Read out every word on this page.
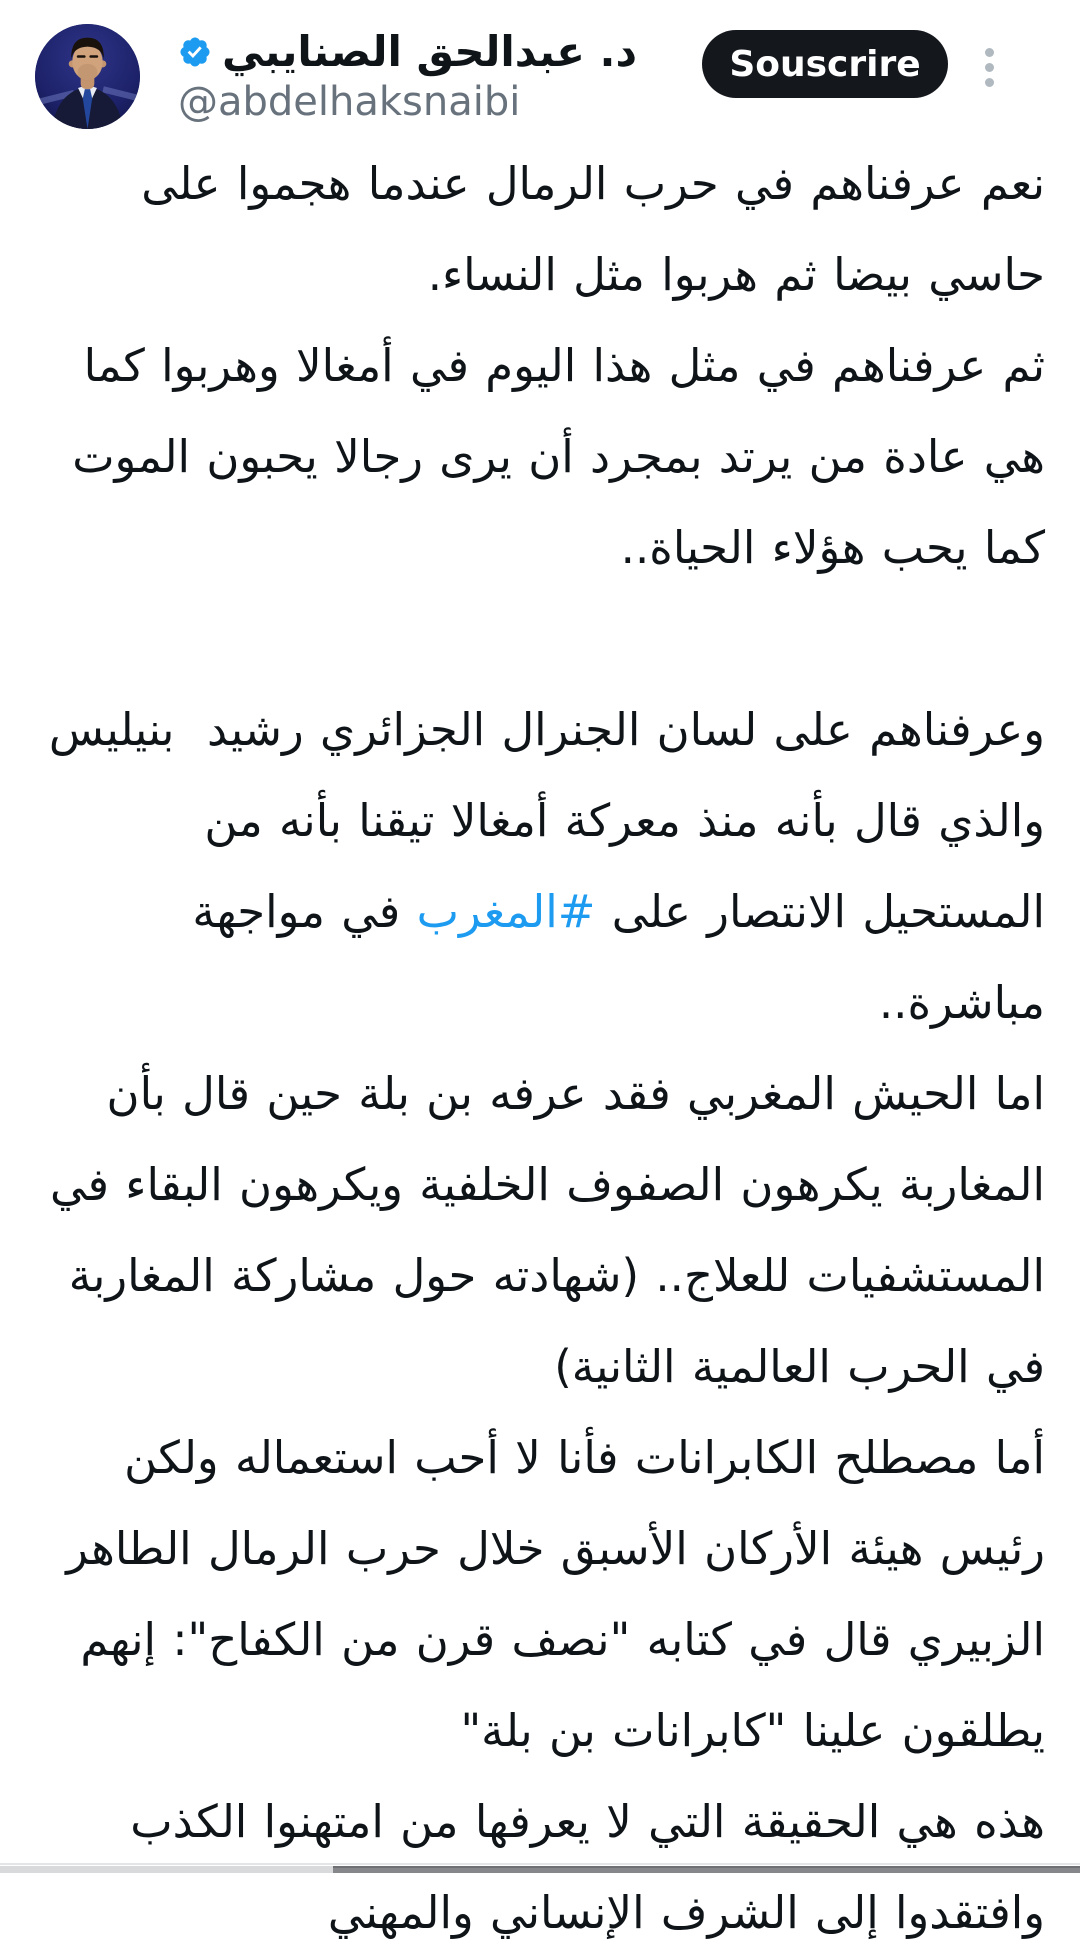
د. عبدالحق الصنايبي
@abdelhaksnaibi
Souscrire

نعم عرفناهم في حرب الرمال عندما هجموا على حاسي بيضا ثم هربوا مثل النساء.

ثم عرفناهم في مثل هذا اليوم في أمغالا وهربوا كما هي عادة من يرتد بمجرد أن يرى رجالا يحبون الموت كما يحب هؤلاء الحياة..

وعرفناهم على لسان الجنرال الجزائري رشيد  بنيليس والذي قال بأنه منذ معركة أمغالا تيقنا بأنه من المستحيل الانتصار على #المغرب في مواجهة مباشرة..

اما الحيش المغربي فقد عرفه بن بلة حين قال بأن المغاربة يكرهون الصفوف الخلفية ويكرهون البقاء في المستشفيات للعلاج.. (شهادته حول مشاركة المغاربة في الحرب العالمية الثانية)

أما مصطلح الكابرانات فأنا لا أحب استعماله ولكن رئيس هيئة الأركان الأسبق خلال حرب الرمال الطاهر الزبيري قال في كتابه "نصف قرن من الكفاح": إنهم يطلقون علينا "كابرانات بن بلة"

هذه هي الحقيقة التي لا يعرفها من امتهنوا الكذب وافتقدوا إلى الشرف الإنساني والمهني
